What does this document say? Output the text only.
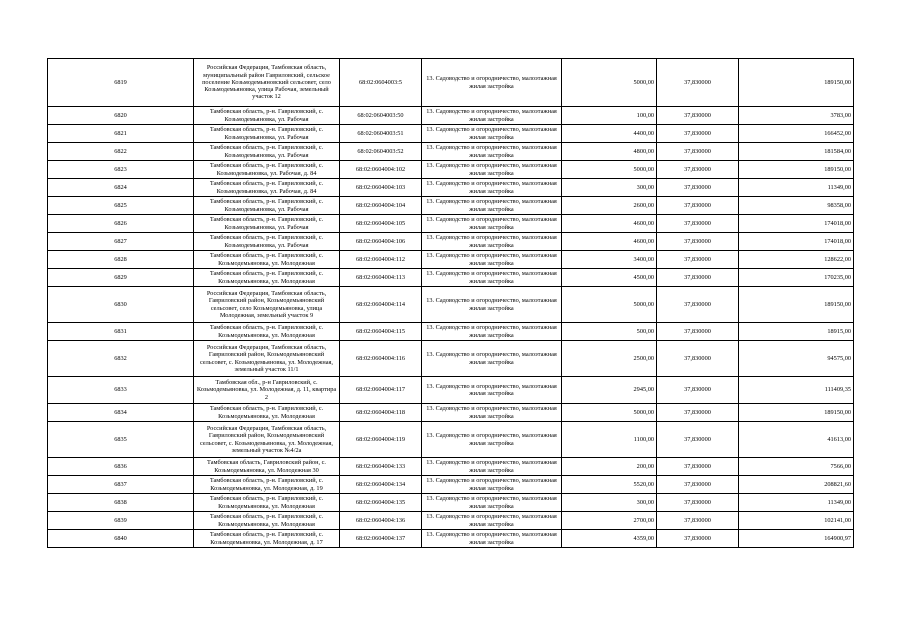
6819	Российская Федерация, Тамбовская область, муниципальный район Гавриловский, сельское поселение Козьмодемьяновский сельсовет, село Козьмодемьяновка, улица Рабочая, земельный участок 12	68:02:0604003:5	13. Садоводство и огородничество, малоэтажная жилая застройка	5000,00	37,830000	189150,00
6820	Тамбовская область, р-н. Гавриловский, с. Козьмодемьяновка, ул. Рабочая	68:02:0604003:50	13. Садоводство и огородничество, малоэтажная жилая застройка	100,00	37,830000	3783,00
6821	Тамбовская область, р-н. Гавриловский, с. Козьмодемьяновка, ул. Рабочая	68:02:0604003:51	13. Садоводство и огородничество, малоэтажная жилая застройка	4400,00	37,830000	166452,00
6822	Тамбовская область, р-н. Гавриловский, с. Козьмодемьяновка, ул. Рабочая	68:02:0604003:52	13. Садоводство и огородничество, малоэтажная жилая застройка	4800,00	37,830000	181584,00
6823	Тамбовская область, р-н. Гавриловский, с. Козьмодемьяновка, ул. Рабочая, д. 84	68:02:0604004:102	13. Садоводство и огородничество, малоэтажная жилая застройка	5000,00	37,830000	189150,00
6824	Тамбовская область, р-н. Гавриловский, с. Козьмодемьяновка, ул. Рабочая, д. 84	68:02:0604004:103	13. Садоводство и огородничество, малоэтажная жилая застройка	300,00	37,830000	11349,00
6825	Тамбовская область, р-н. Гавриловский, с. Козьмодемьяновка, ул. Рабочая	68:02:0604004:104	13. Садоводство и огородничество, малоэтажная жилая застройка	2600,00	37,830000	98358,00
6826	Тамбовская область, р-н. Гавриловский, с. Козьмодемьяновка, ул. Рабочая	68:02:0604004:105	13. Садоводство и огородничество, малоэтажная жилая застройка	4600,00	37,830000	174018,00
6827	Тамбовская область, р-н. Гавриловский, с. Козьмодемьяновка, ул. Рабочая	68:02:0604004:106	13. Садоводство и огородничество, малоэтажная жилая застройка	4600,00	37,830000	174018,00
6828	Тамбовская область, р-н. Гавриловский, с. Козьмодемьяновка, ул. Молодежная	68:02:0604004:112	13. Садоводство и огородничество, малоэтажная жилая застройка	3400,00	37,830000	128622,00
6829	Тамбовская область, р-н. Гавриловский, с. Козьмодемьяновка, ул. Молодежная	68:02:0604004:113	13. Садоводство и огородничество, малоэтажная жилая застройка	4500,00	37,830000	170235,00
6830	Российская Федерация, Тамбовская область, Гавриловский район, Козьмодемьяновский сельсовет, село Козьмодемьяновка, улица Молодежная, земельный участок 9	68:02:0604004:114	13. Садоводство и огородничество, малоэтажная жилая застройка	5000,00	37,830000	189150,00
6831	Тамбовская область, р-н. Гавриловский, с. Козьмодемьяновка, ул. Молодежная	68:02:0604004:115	13. Садоводство и огородничество, малоэтажная жилая застройка	500,00	37,830000	18915,00
6832	Российская Федерация, Тамбовская область, Гавриловский район, Козьмодемьяновский сельсовет, с. Козьмодемьяновка, ул. Молодежная, земельный участок 11/1	68:02:0604004:116	13. Садоводство и огородничество, малоэтажная жилая застройка	2500,00	37,830000	94575,00
6833	Тамбовская обл., р-н Гавриловский, с. Козьмодемьяновка, ул. Молодежная, д. 11, квартира 2	68:02:0604004:117	13. Садоводство и огородничество, малоэтажная жилая застройка	2945,00	37,830000	111409,35
6834	Тамбовская область, р-н. Гавриловский, с. Козьмодемьяновка, ул. Молодежная	68:02:0604004:118	13. Садоводство и огородничество, малоэтажная жилая застройка	5000,00	37,830000	189150,00
6835	Российская Федерация, Тамбовская область, Гавриловский район, Козьмодемьяновский сельсовет, с. Козьмодемьяновка, ул. Молодежная, земельный участок №4/2а	68:02:0604004:119	13. Садоводство и огородничество, малоэтажная жилая застройка	1100,00	37,830000	41613,00
6836	Тамбовская область, Гавриловский район, с. Козьмодемьяновка, ул. Молодежная 30	68:02:0604004:133	13. Садоводство и огородничество, малоэтажная жилая застройка	200,00	37,830000	7566,00
6837	Тамбовская область, р-н. Гавриловский, с. Козьмодемьяновка, ул. Молодежная, д. 19	68:02:0604004:134	13. Садоводство и огородничество, малоэтажная жилая застройка	5520,00	37,830000	208821,60
6838	Тамбовская область, р-н. Гавриловский, с. Козьмодемьяновка, ул. Молодежная	68:02:0604004:135	13. Садоводство и огородничество, малоэтажная жилая застройка	300,00	37,830000	11349,00
6839	Тамбовская область, р-н. Гавриловский, с. Козьмодемьяновка, ул. Молодежная	68:02:0604004:136	13. Садоводство и огородничество, малоэтажная жилая застройка	2700,00	37,830000	102141,00
6840	Тамбовская область, р-н. Гавриловский, с. Козьмодемьяновка, ул. Молодежная, д. 17	68:02:0604004:137	13. Садоводство и огородничество, малоэтажная жилая застройка	4359,00	37,830000	164900,97
